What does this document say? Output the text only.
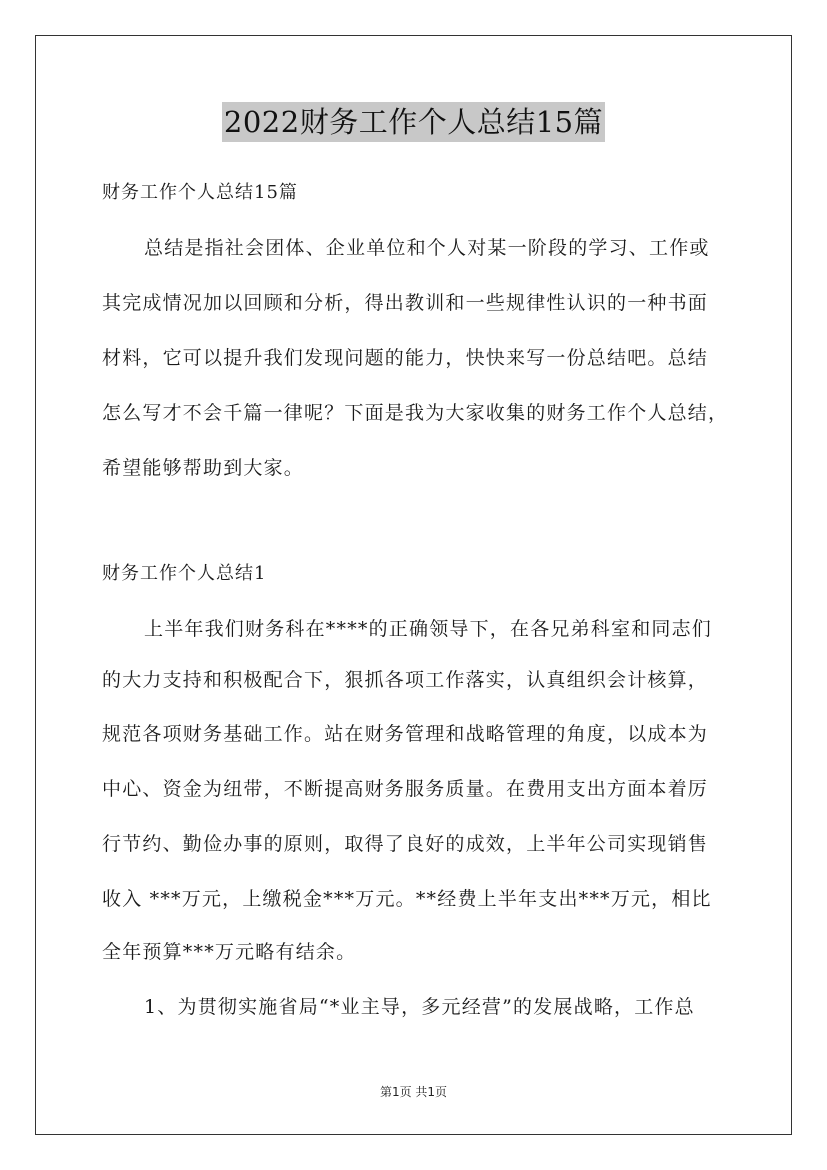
2022财务工作个人总结15篇
财务工作个人总结15篇
总结是指社会团体、企业单位和个人对某一阶段的学习、工作或
其完成情况加以回顾和分析，得出教训和一些规律性认识的一种书面
材料，它可以提升我们发现问题的能力，快快来写一份总结吧。总结
怎么写才不会千篇一律呢？下面是我为大家收集的财务工作个人总结，
希望能够帮助到大家。
财务工作个人总结1
上半年我们财务科在****的正确领导下，在各兄弟科室和同志们
的大力支持和积极配合下，狠抓各项工作落实，认真组织会计核算，
规范各项财务基础工作。站在财务管理和战略管理的角度，以成本为
中心、资金为纽带，不断提高财务服务质量。在费用支出方面本着厉
行节约、勤俭办事的原则，取得了良好的成效，上半年公司实现销售
收入 ***万元，上缴税金***万元。**经费上半年支出***万元，相比
全年预算***万元略有结余。
1、为贯彻实施省局“*业主导，多元经营”的发展战略，工作总
第1页 共1页
